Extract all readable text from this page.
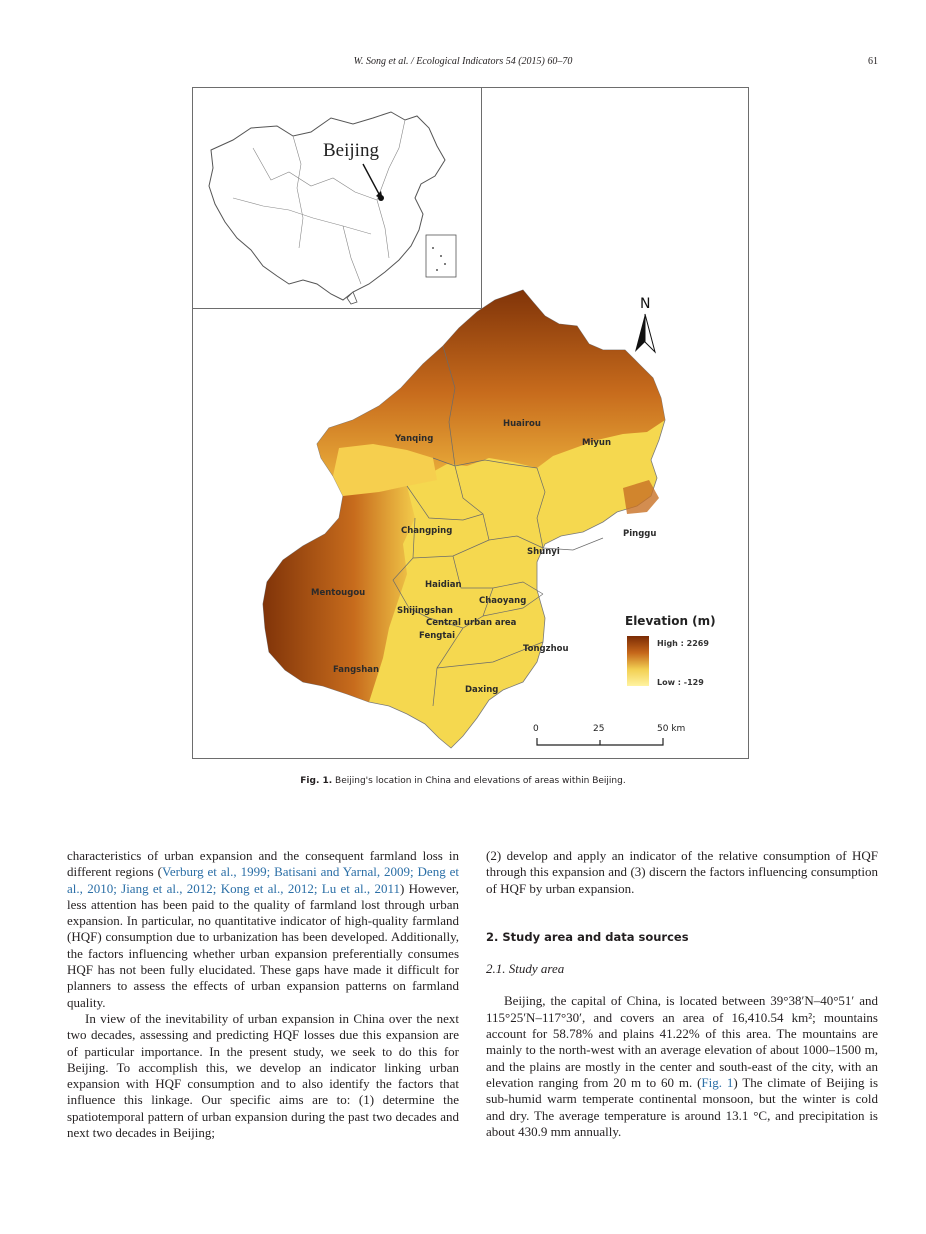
W. Song et al. / Ecological Indicators 54 (2015) 60–70	61
Beijing
Yanqing
Huairou
Miyun
Changping
Shunyi
Pinggu
Haidian
Chaoyang
Mentougou
Shijingshan
Central urban area
Fengtai
Tongzhou
Fangshan
Daxing
N
Elevation (m)
High : 2269
Low : -129
0	25	50 km
Fig. 1. Beijing's location in China and elevations of areas within Beijing.

characteristics of urban expansion and the consequent farmland loss in different regions (Verburg et al., 1999; Batisani and Yarnal, 2009; Deng et al., 2010; Jiang et al., 2012; Kong et al., 2012; Lu et al., 2011) However, less attention has been paid to the quality of farmland lost through urban expansion. In particular, no quantitative indicator of high-quality farmland (HQF) consumption due to urbanization has been developed. Additionally, the factors influencing whether urban expansion preferentially consumes HQF has not been fully elucidated. These gaps have made it difficult for planners to assess the effects of urban expansion patterns on farmland quality.

In view of the inevitability of urban expansion in China over the next two decades, assessing and predicting HQF losses due this expansion are of particular importance. In the present study, we seek to do this for Beijing. To accomplish this, we develop an indicator linking urban expansion with HQF consumption and to also identify the factors that influence this linkage. Our specific aims are to: (1) determine the spatiotemporal pattern of urban expansion during the past two decades and next two decades in Beijing;

(2) develop and apply an indicator of the relative consumption of HQF through this expansion and (3) discern the factors influencing consumption of HQF by urban expansion.

2. Study area and data sources

2.1. Study area

Beijing, the capital of China, is located between 39°38′N–40°51′ and 115°25′N–117°30′, and covers an area of 16,410.54 km²; mountains account for 58.78% and plains 41.22% of this area. The mountains are mainly to the north-west with an average elevation of about 1000–1500 m, and the plains are mostly in the center and south-east of the city, with an elevation ranging from 20 m to 60 m. (Fig. 1) The climate of Beijing is sub-humid warm temperate continental monsoon, but the winter is cold and dry. The average temperature is around 13.1 °C, and precipitation is about 430.9 mm annually.
